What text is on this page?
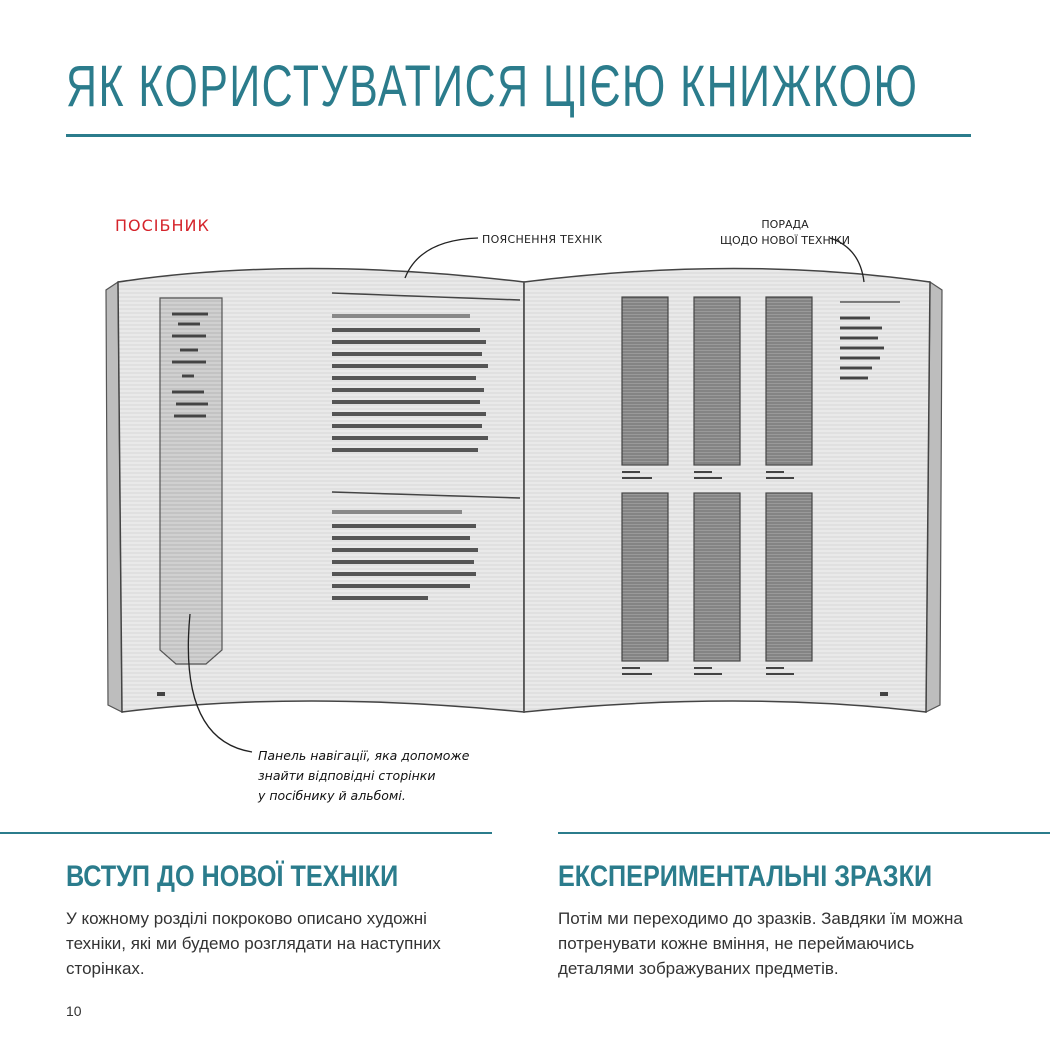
ЯК КОРИСТУВАТИСЯ ЦІЄЮ КНИЖКОЮ
ПОСІБНИК
ПОЯСНЕННЯ ТЕХНІК
ПОРАДА
ЩОДО НОВОЇ ТЕХНІКИ
Панель навігації, яка допоможе
знайти відповідні сторінки
у посібнику й альбомі.
ВСТУП ДО НОВОЇ ТЕХНІКИ
У кожному розділі покроково описано художні
техніки, які ми будемо розглядати на наступних
сторінках.
ЕКСПЕРИМЕНТАЛЬНІ ЗРАЗКИ
Потім ми переходимо до зразків. Завдяки їм можна
потренувати кожне вміння, не переймаючись
деталями зображуваних предметів.
10
